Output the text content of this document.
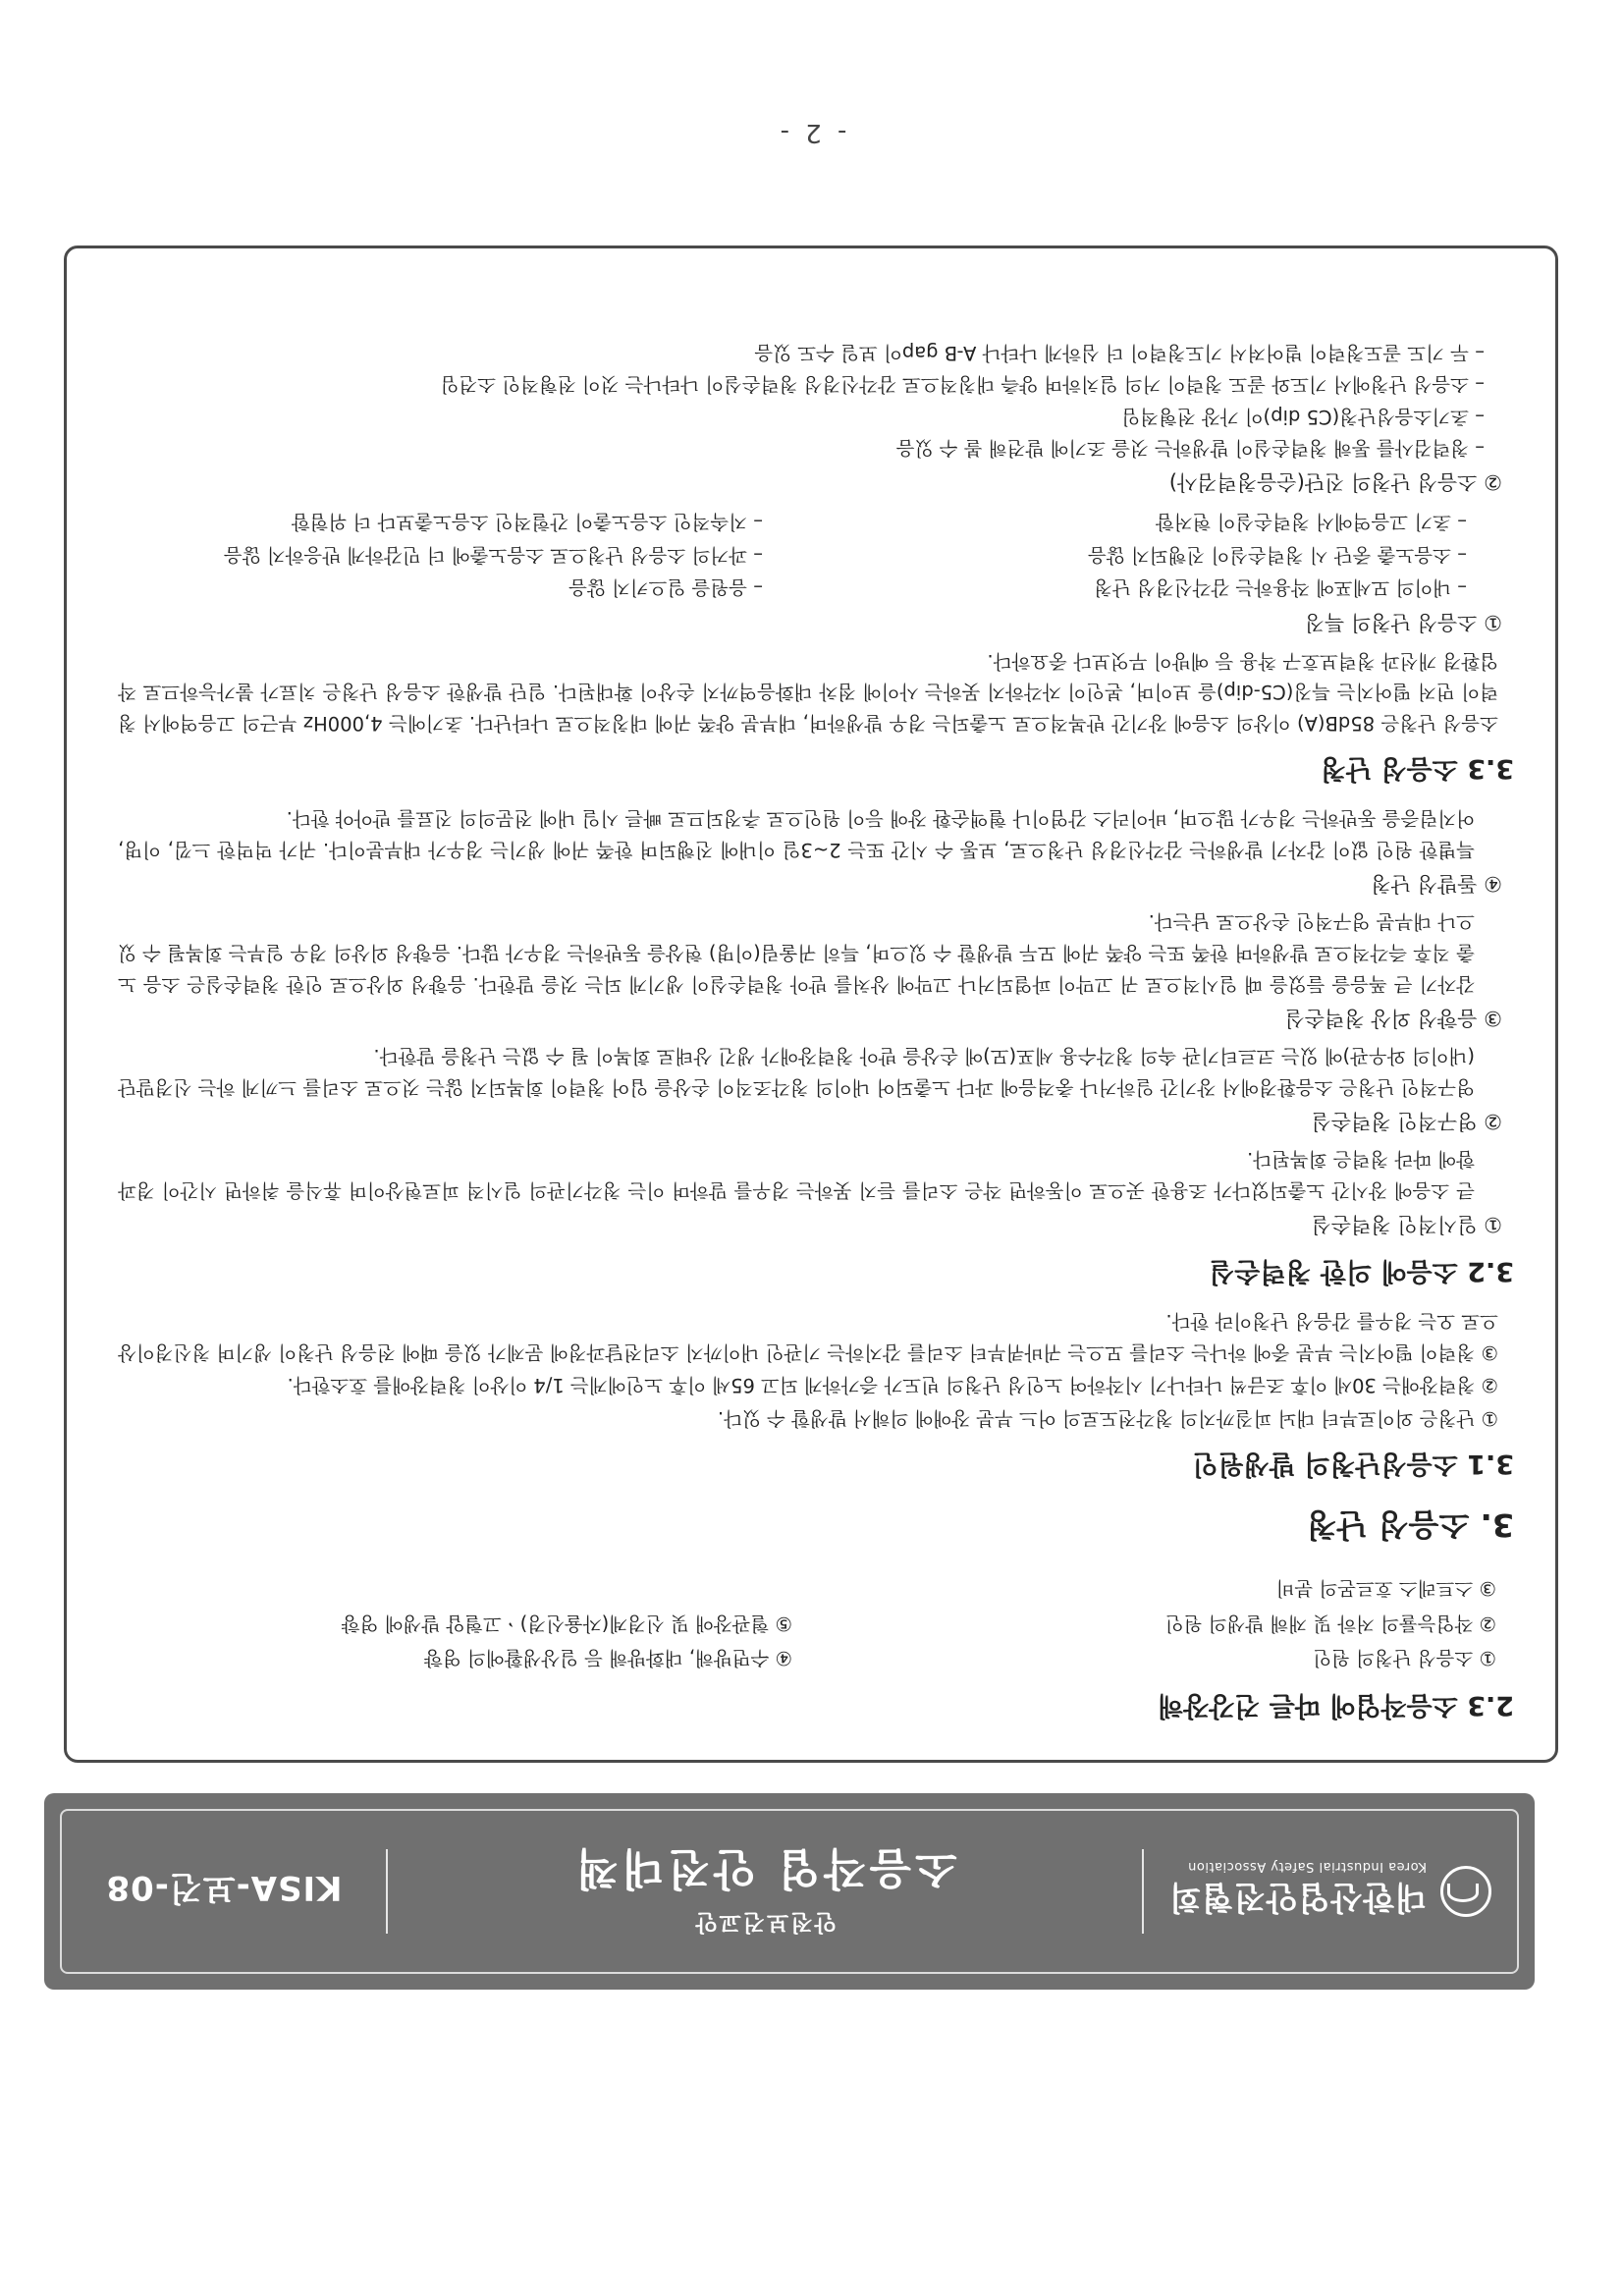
대한산업안전협회
Korea Industrial Safety Association
안전보건교안
소음작업 안전대책
KISA-보건-08
2.3 소음작업에 따른 건강장해
① 소음성 난청의 원인
④ 수면방해, 대화방해 등 일상생활에의 영향
② 작업능률의 저하 및 재해 발생의 원인
⑤ 혈관장애 및 신경계(자율신경)ㆍ고혈압 발생에 영향
③ 스트레스 호르몬의 분비
3. 소음성 난청
3.1 소음성난청의 발생원인
① 난청은 외이로부터 대뇌 피질까지의 청각전도로의 어느 부분 장애에 의해서 발생할 수 있다.
② 청력장애는 30세 이후 조금씩 나타나기 시작하여 노인성 난청의 빈도가 증가하게 되고 65세 이후 노인에게는 1/4 이상이 청력장애를 호소한다.
③ 청력이 떨어지는 부분 중에 하나는 소리를 모으는 귀바퀴부터 소리를 감지하는 기관인 내이까지 소리전달과정에 문제가 있을 때에 전음성 난청이 생기며 청신경이상으로 오는 경우를 감음성 난청이라 한다.
3.2 소음에 의한 청력손실
① 일시적인 청력손실
큰 소음에 장시간 노출되었다가 조용한 곳으로 이동하면 작은 소리를 듣지 못하는 경우를 말하며 이는 청각기관의 일시적 피로현상이며 휴식을 취하면 시간이 경과함에 따라 청력은 회복된다.
② 영구적인 청력손실
영구적인 난청은 소음환경에서 장기간 일하거나 충격음에 과다 노출되어 내이의 청각조직이 손상을 입어 청력이 회복되지 않는 것으로 소리를 느끼게 하는 신경말단(내이의 와우관)에 있는 코르티기관 속의 청각수용 세포(모)에 손상을 받아 청력장애가 생긴 상태로 회복이 될 수 없는 난청을 말한다.
③ 음향성 외상 청력손실
갑자기 큰 폭음을 들었을 때 일시적으로 귀 고막이 파열되거나 고막에 상처를 받아 청력손실이 생기게 되는 것을 말한다. 음향성 외상으로 인한 청력손실은 소음 노출 직후 즉각적으로 발생하며 한쪽 또는 양쪽 귀에 모두 발생할 수 있으며, 특히 귀울림(이명) 현상을 동반하는 경우가 많다. 음향성 외상의 경우 일부는 회복될 수 있으나 대부분 영구적인 손상으로 남는다.
④ 돌발성 난청
특별한 원인 없이 갑자기 발생하는 감각신경성 난청으로, 보통 수 시간 또는 2~3일 이내에 진행되며 한쪽 귀에 생기는 경우가 대부분이다. 귀가 먹먹한 느낌, 이명, 어지럼증을 동반하는 경우가 많으며, 바이러스 감염이나 혈액순환 장애 등이 원인으로 추정되므로 빠른 시일 내에 전문의의 진료를 받아야 한다.
3.3 소음성 난청
소음성 난청은 85dB(A) 이상의 소음에 장기간 반복적으로 노출되는 경우 발생하며, 대부분 양쪽 귀에 대칭적으로 나타난다. 초기에는 4,000Hz 부근의 고음역에서 청력이 먼저 떨어지는 특징(C5-dip)을 보이며, 본인이 자각하지 못하는 사이에 점차 대화음역까지 손상이 확대된다. 일단 발생한 소음성 난청은 치료가 불가능하므로 작업환경 개선과 청력보호구 착용 등 예방이 무엇보다 중요하다.
① 소음성 난청의 특징
– 내이의 모세포에 작용하는 감각신경성 난청
– 음원을 일으키지 않음
– 소음노출 중단 시 청력손실이 진행되지 않음
– 과거의 소음성 난청으로 소음노출에 더 민감하게 반응하지 않음
– 초기 고음역에서 청력손실이 현저함
– 지속적인 소음노출이 간헐적인 소음노출보다 더 위험함
② 소음성 난청의 진단(순음청력검사)
– 청력검사를 통해 청력손실이 발생하는 것을 조기에 발견해 볼 수 있음
– 초기소음성난청(C5 dip)이 가장 전형적임
– 소음성 난청에서 기도와 골도 청력이 거의 일치하며 양측 대칭적으로 감각신경성 청력손실이 나타나는 것이 전형적인 소견임
– 두 기도 골도청력이 벌어져서 기도청력이 더 심하게 나타나 A-B gap이 보일 수도 있음
- 2 -
